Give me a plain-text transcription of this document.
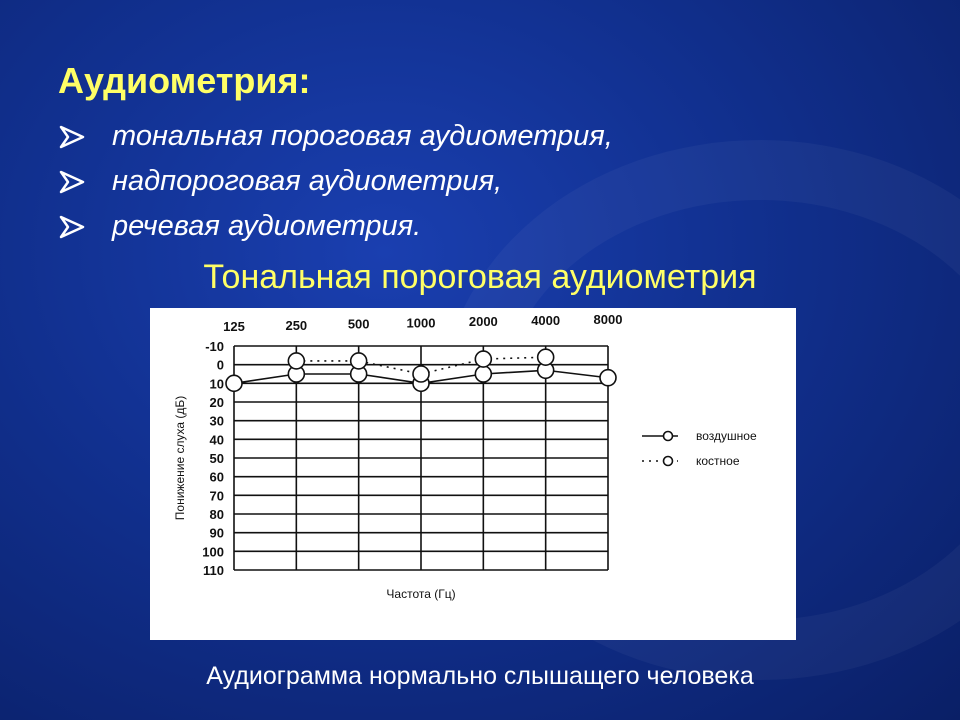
Аудиометрия:
тональная пороговая аудиометрия,
надпороговая аудиометрия,
речевая аудиометрия.
Тональная пороговая аудиометрия
-10
0
10
20
30
40
50
60
70
80
90
100
110
125	250	500	1000	2000	4000	8000
Понижение слуха (дБ)
Частота (Гц)
воздушное
костное
Аудиограмма нормально слышащего человека
